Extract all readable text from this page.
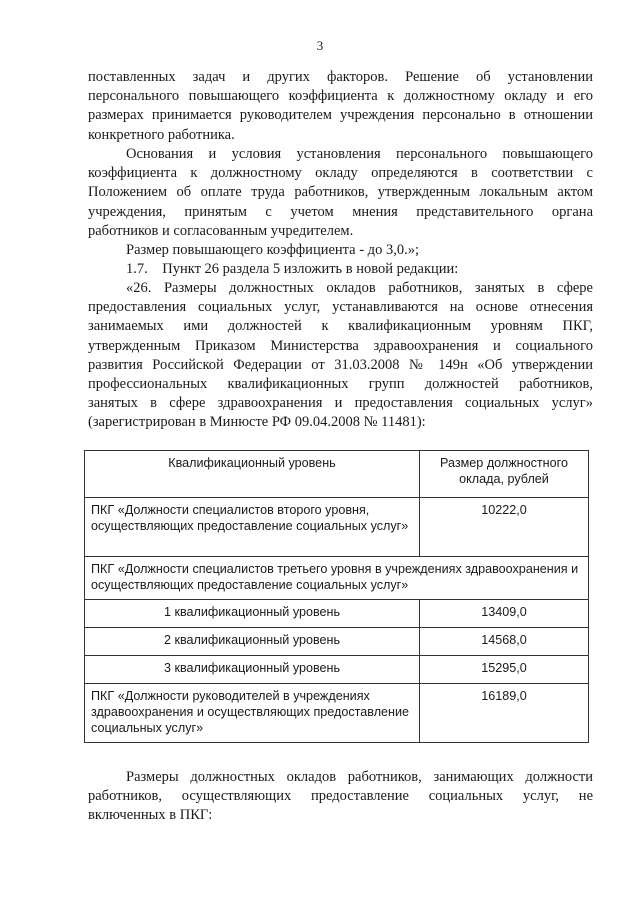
3
поставленных задач и других факторов. Решение об установлении
персонального повышающего коэффициента к должностному окладу и его
размерах принимается руководителем учреждения персонально в отношении
конкретного работника.
Основания и условия установления персонального повышающего
коэффициента к должностному окладу определяются в соответствии с
Положением об оплате труда работников, утвержденным локальным актом
учреждения, принятым с учетом мнения представительного органа
работников и согласованным учредителем.
Размер повышающего коэффициента - до 3,0.»;
1.7.    Пункт 26 раздела 5 изложить в новой редакции:
«26. Размеры должностных окладов работников, занятых в сфере
предоставления социальных услуг, устанавливаются на основе отнесения
занимаемых ими должностей к квалификационным уровням ПКГ,
утвержденным Приказом Министерства здравоохранения и социального
развития Российской Федерации от 31.03.2008 № 149н «Об утверждении
профессиональных квалификационных групп должностей работников,
занятых в сфере здравоохранения и предоставления социальных услуг»
(зарегистрирован в Минюсте РФ 09.04.2008 № 11481):
Квалификационный уровень	Размер должностного оклада, рублей
ПКГ «Должности специалистов второго уровня, осуществляющих предоставление социальных услуг»	10222,0
ПКГ «Должности специалистов третьего уровня в учреждениях здравоохранения и осуществляющих предоставление социальных услуг»	
1 квалификационный уровень	13409,0
2 квалификационный уровень	14568,0
3 квалификационный уровень	15295,0
ПКГ «Должности руководителей в учреждениях здравоохранения и осуществляющих предоставление социальных услуг»	16189,0
Размеры должностных окладов работников, занимающих должности
работников, осуществляющих предоставление социальных услуг, не
включенных в ПКГ:
